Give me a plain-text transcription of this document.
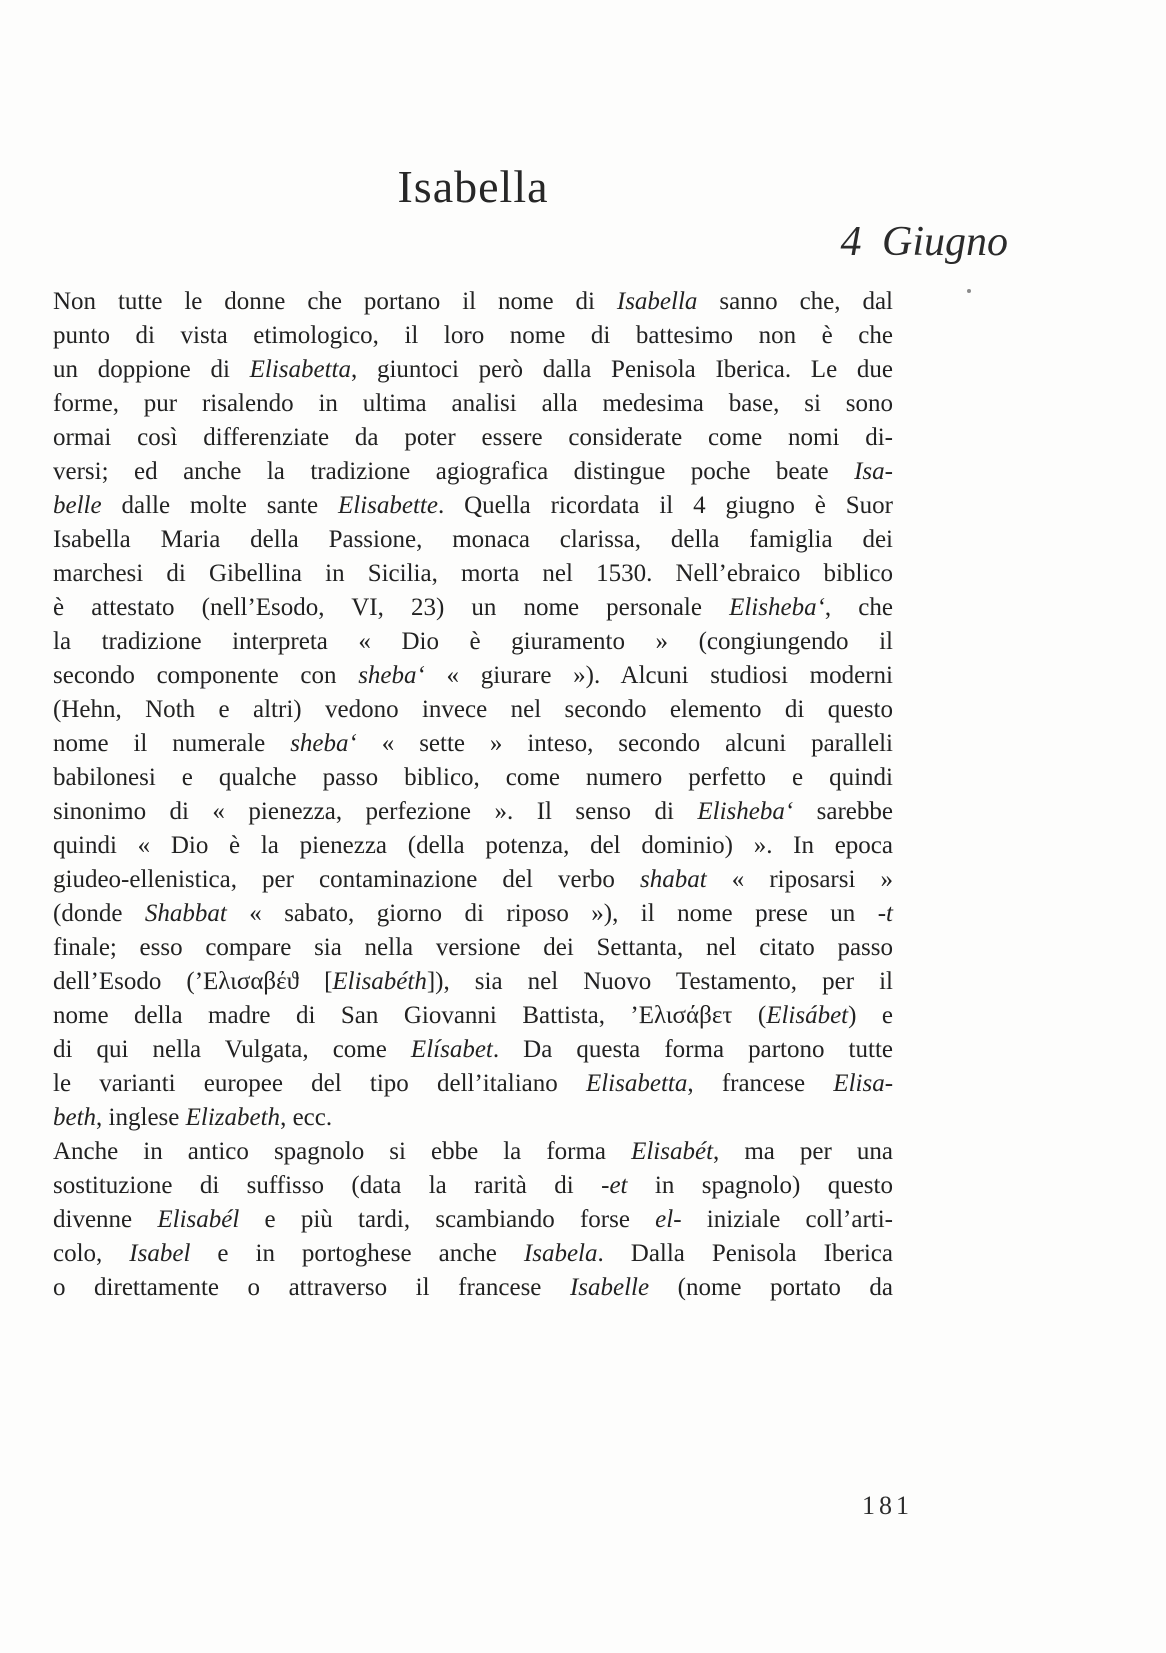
Isabella
4 Giugno
Non tutte le donne che portano il nome di Isabella sanno che, dal
punto di vista etimologico, il loro nome di battesimo non è che
un doppione di Elisabetta, giuntoci però dalla Penisola Iberica. Le due
forme, pur risalendo in ultima analisi alla medesima base, si sono
ormai così differenziate da poter essere considerate come nomi di-
versi; ed anche la tradizione agiografica distingue poche beate Isa-
belle dalle molte sante Elisabette. Quella ricordata il 4 giugno è Suor
Isabella Maria della Passione, monaca clarissa, della famiglia dei
marchesi di Gibellina in Sicilia, morta nel 1530. Nell’ebraico biblico
è attestato (nell’Esodo, VI, 23) un nome personale Elishebaʻ, che
la tradizione interpreta « Dio è giuramento » (congiungendo il
secondo componente con shebaʻ « giurare »). Alcuni studiosi moderni
(Hehn, Noth e altri) vedono invece nel secondo elemento di questo
nome il numerale shebaʻ « sette » inteso, secondo alcuni paralleli
babilonesi e qualche passo biblico, come numero perfetto e quindi
sinonimo di « pienezza, perfezione ». Il senso di Elishebaʻ sarebbe
quindi « Dio è la pienezza (della potenza, del dominio) ». In epoca
giudeo-ellenistica, per contaminazione del verbo shabat « riposarsi »
(donde Shabbat « sabato, giorno di riposo »), il nome prese un -t
finale; esso compare sia nella versione dei Settanta, nel citato passo
dell’Esodo (’Ελισαβέϑ [Elisabéth]), sia nel Nuovo Testamento, per il
nome della madre di San Giovanni Battista, ’Ελισάβετ (Elisábet) e
di qui nella Vulgata, come Elísabet. Da questa forma partono tutte
le varianti europee del tipo dell’italiano Elisabetta, francese Elisa-
beth, inglese Elizabeth, ecc.
Anche in antico spagnolo si ebbe la forma Elisabét, ma per una
sostituzione di suffisso (data la rarità di -et in spagnolo) questo
divenne Elisabél e più tardi, scambiando forse el- iniziale coll’arti-
colo, Isabel e in portoghese anche Isabela. Dalla Penisola Iberica
o direttamente o attraverso il francese Isabelle (nome portato da
181
